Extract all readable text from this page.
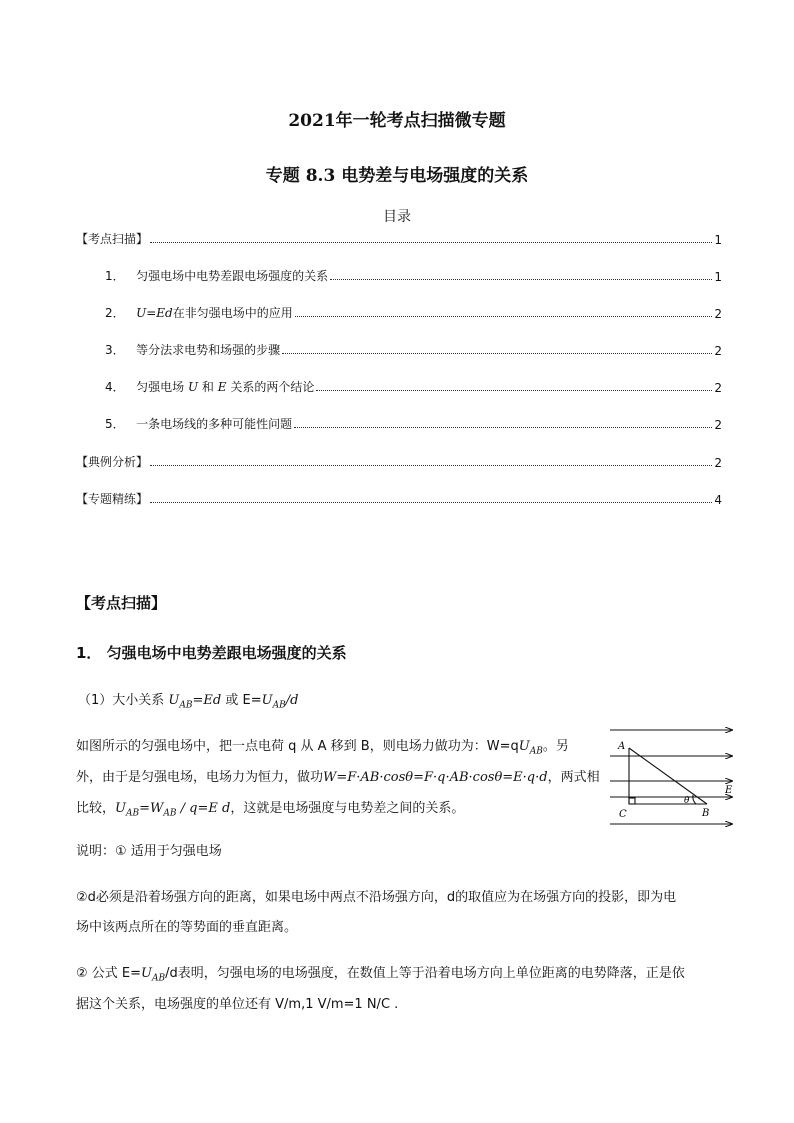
2021年一轮考点扫描微专题
专题 8.3 电势差与电场强度的关系
目录
【考点扫描】	1
1． 匀强电场中电势差跟电场强度的关系	1
2． U=Ed在非匀强电场中的应用	2
3． 等分法求电势和场强的步骤	2
4． 匀强电场 U 和 E 关系的两个结论	2
5． 一条电场线的多种可能性问题	2
【典例分析】	2
【专题精练】	4
【考点扫描】
1． 匀强电场中电势差跟电场强度的关系
（1）大小关系 $U_{AB}=Ed$ 或 $E=U_{AB}/d$
如图所示的匀强电场中，把一点电荷 q 从 A 移到 B，则电场力做功为：$W=qU_{AB}$。另
外，由于是匀强电场，电场力为恒力，做功W=F·AB·cosθ=F·q·AB·cosθ=E·q·d，两式相
比较，$U_{AB}=W_{AB} / q=E$ d，这就是电场强度与电势差之间的关系。
说明：① 适用于匀强电场
②d必须是沿着场强方向的距离，如果电场中两点不沿场强方向，d的取值应为在场强方向的投影，即为电
场中该两点所在的等势面的垂直距离。
② 公式 $E=U_{AB}/d$表明，匀强电场的电场强度，在数值上等于沿着电场方向上单位距离的电势降落，正是依
据这个关系，电场强度的单位还有 V/m,1 V/m=1 N/C .
A
C	B
θ
E
